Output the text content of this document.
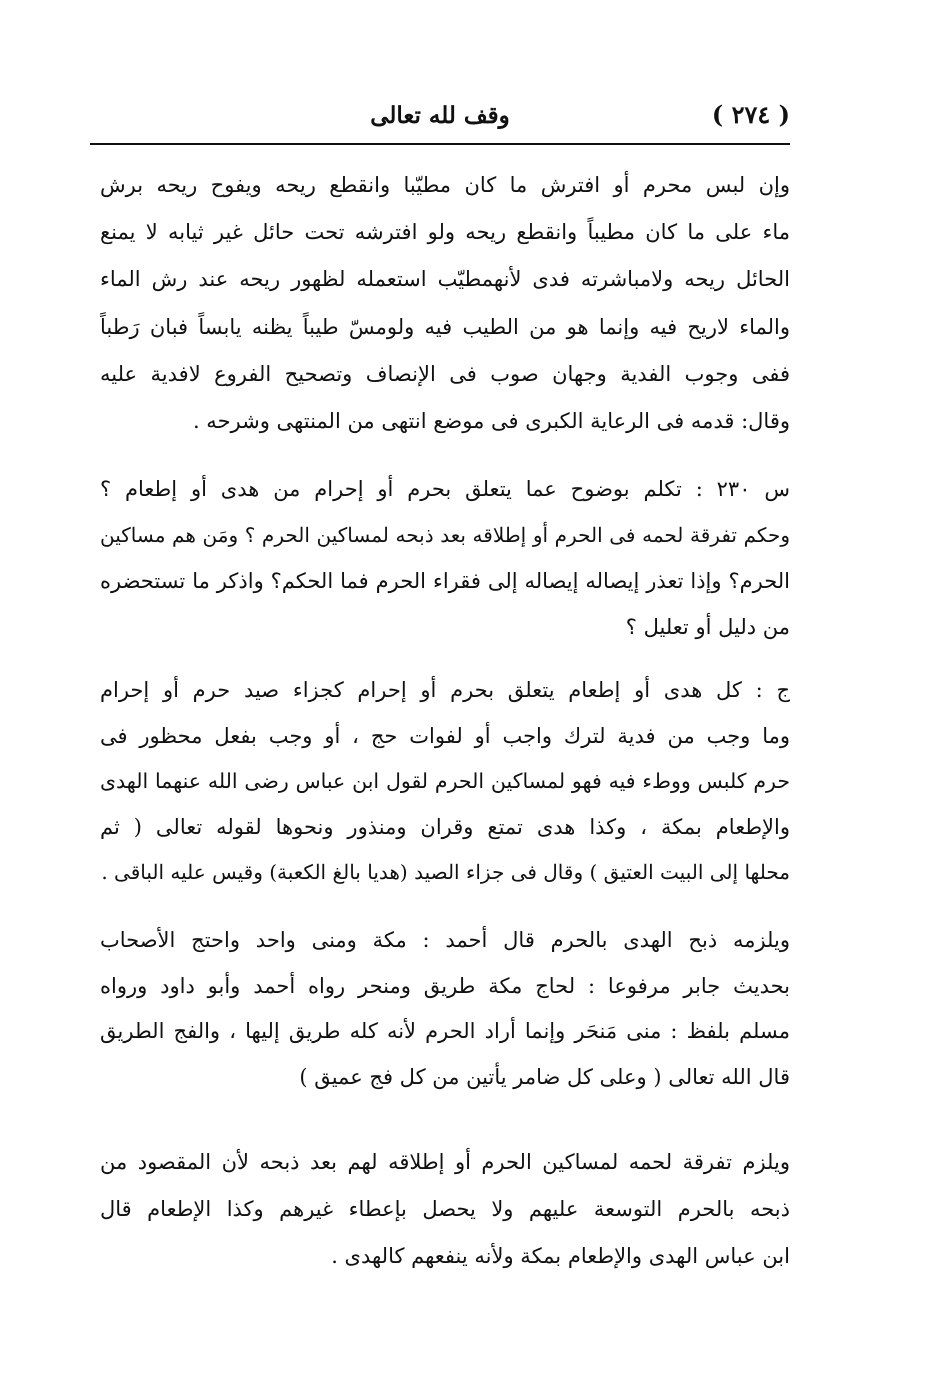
( ٢٧٤ )
وقف لله تعالى
وإن لبس محرم أو افترش ما كان مطيّبا وانقطع ريحه ويفوح ريحه برش
ماء على ما كان مطيباً وانقطع ريحه ولو افترشه تحت حائل غير ثيابه لا يمنع
الحائل ريحه ولامباشرته فدى لأنهمطيّب استعمله لظهور ريحه عند رش الماء
والماء لاريح فيه وإنما هو من الطيب فيه ولومسّ طيباً يظنه يابساً فبان رَطباً
ففى وجوب الفدية وجهان صوب فى الإنصاف وتصحيح الفروع لافدية عليه
وقال: قدمه فى الرعاية الكبرى فى موضع انتهى من المنتهى وشرحه .
س ٢٣٠ : تكلم بوضوح عما يتعلق بحرم أو إحرام من هدى أو إطعام ؟
وحكم تفرقة لحمه فى الحرم أو إطلاقه بعد ذبحه لمساكين الحرم ؟ ومَن هم مساكين
الحرم؟ وإذا تعذر إيصاله إيصاله إلى فقراء الحرم فما الحكم؟ واذكر ما تستحضره
من دليل أو تعليل ؟
ج : كل هدى أو إطعام يتعلق بحرم أو إحرام كجزاء صيد حرم أو إحرام
وما وجب من فدية لترك واجب أو لفوات حج ، أو وجب بفعل محظور فى
حرم كلبس ووطء فيه فهو لمساكين الحرم لقول ابن عباس رضى الله عنهما الهدى
والإطعام بمكة ، وكذا هدى تمتع وقران ومنذور ونحوها لقوله تعالى ( ثم
محلها إلى البيت العتيق ) وقال فى جزاء الصيد (هديا بالغ الكعبة) وقيس عليه الباقى .
ويلزمه ذبح الهدى بالحرم قال أحمد : مكة ومنى واحد واحتج الأصحاب
بحديث جابر مرفوعا : لحاج مكة طريق ومنحر رواه أحمد وأبو داود ورواه
مسلم بلفظ : منى مَنحَر وإنما أراد الحرم لأنه كله طريق إليها ، والفج الطريق
قال الله تعالى ( وعلى كل ضامر يأتين من كل فج عميق )
ويلزم تفرقة لحمه لمساكين الحرم أو إطلاقه لهم بعد ذبحه لأن المقصود من
ذبحه بالحرم التوسعة عليهم ولا يحصل بإعطاء غيرهم وكذا الإطعام قال
ابن عباس الهدى والإطعام بمكة ولأنه ينفعهم كالهدى .
